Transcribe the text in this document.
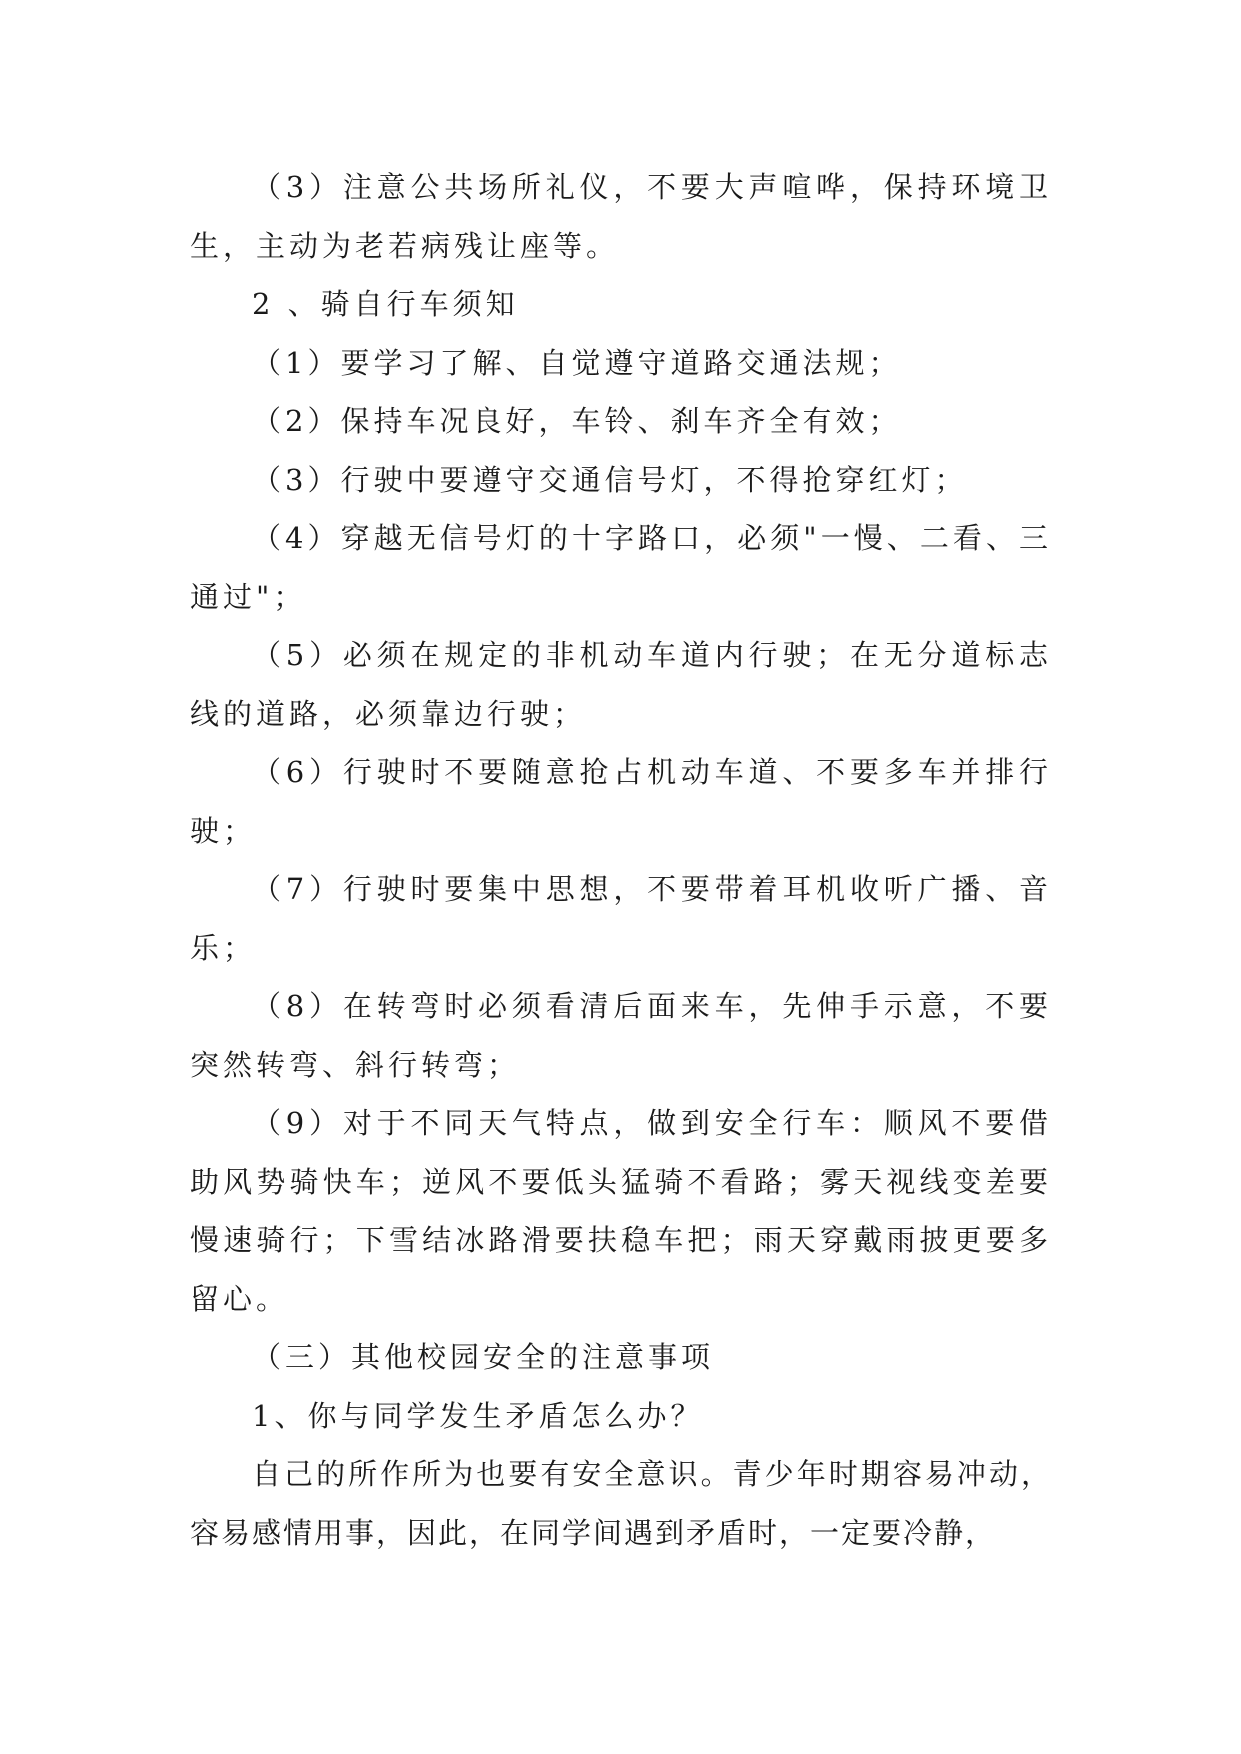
（3）注意公共场所礼仪，不要大声喧哗，保持环境卫生，主动为老若病残让座等。

2 、骑自行车须知

（1）要学习了解、自觉遵守道路交通法规；

（2）保持车况良好，车铃、刹车齐全有效；

（3）行驶中要遵守交通信号灯，不得抢穿红灯；

（4）穿越无信号灯的十字路口，必须"一慢、二看、三通过"；

（5）必须在规定的非机动车道内行驶；在无分道标志线的道路，必须靠边行驶；

（6）行驶时不要随意抢占机动车道、不要多车并排行驶；

（7）行驶时要集中思想，不要带着耳机收听广播、音乐；

（8）在转弯时必须看清后面来车，先伸手示意，不要突然转弯、斜行转弯；

（9）对于不同天气特点，做到安全行车：顺风不要借助风势骑快车；逆风不要低头猛骑不看路；雾天视线变差要慢速骑行；下雪结冰路滑要扶稳车把；雨天穿戴雨披更要多留心。

（三）其他校园安全的注意事项

1、你与同学发生矛盾怎么办？

自己的所作所为也要有安全意识。青少年时期容易冲动，容易感情用事，因此，在同学间遇到矛盾时，一定要冷静，
